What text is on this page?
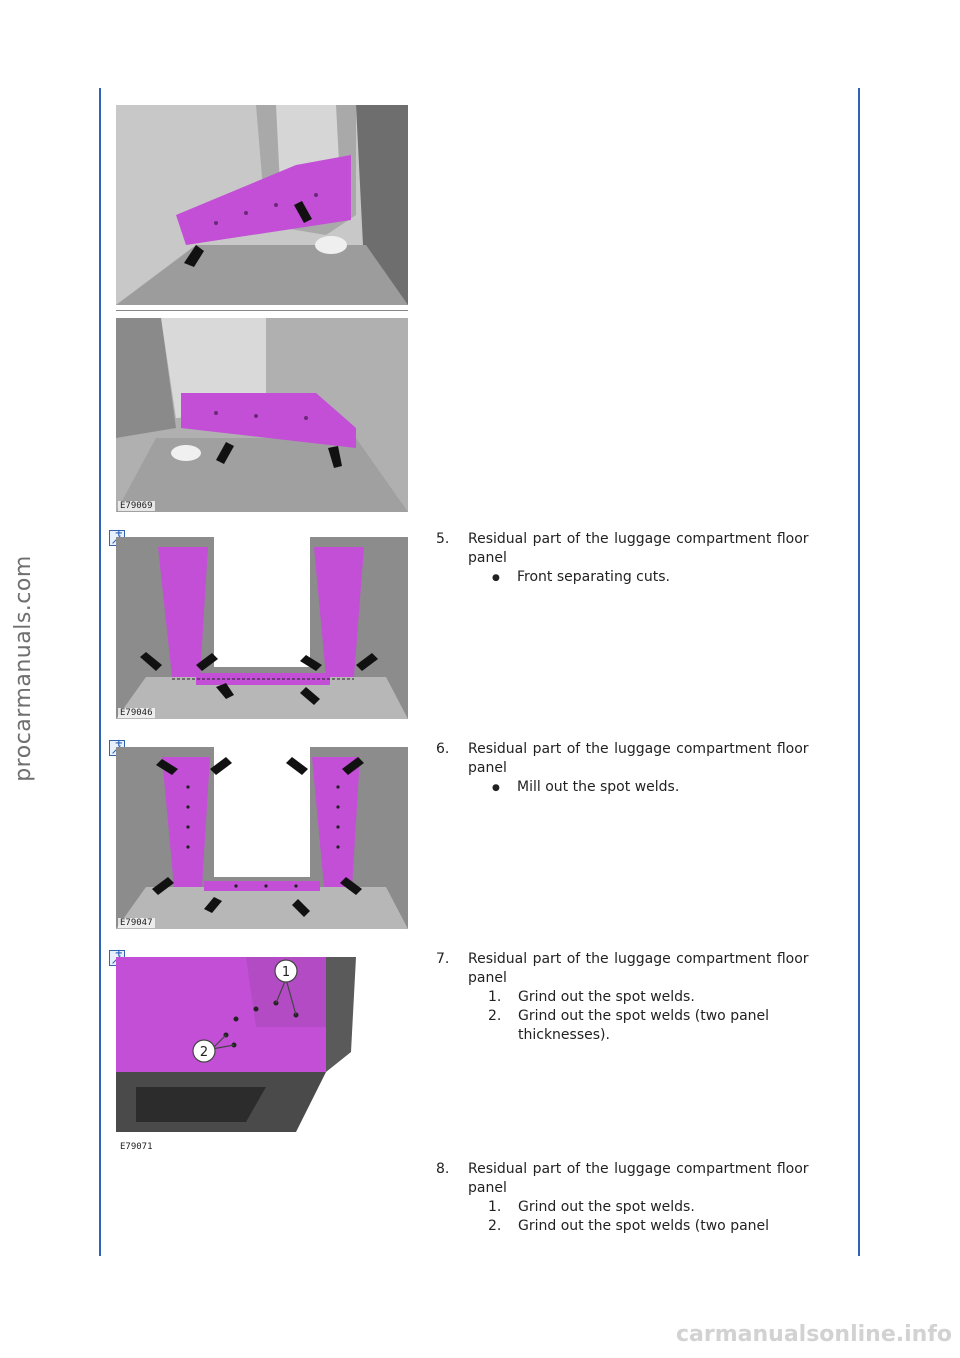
procarmanuals.com
carmanualsonline.info
E79069
+
E79046
+
E79047
+
1
2
E79071
5.	Residual part of the luggage compartment floor
panel
●	Front separating cuts.
6.	Residual part of the luggage compartment floor
panel
●	Mill out the spot welds.
7.	Residual part of the luggage compartment floor
panel
1.	Grind out the spot welds.
2.	Grind out the spot welds (two panel
thicknesses).
8.	Residual part of the luggage compartment floor
panel
1.	Grind out the spot welds.
2.	Grind out the spot welds (two panel
